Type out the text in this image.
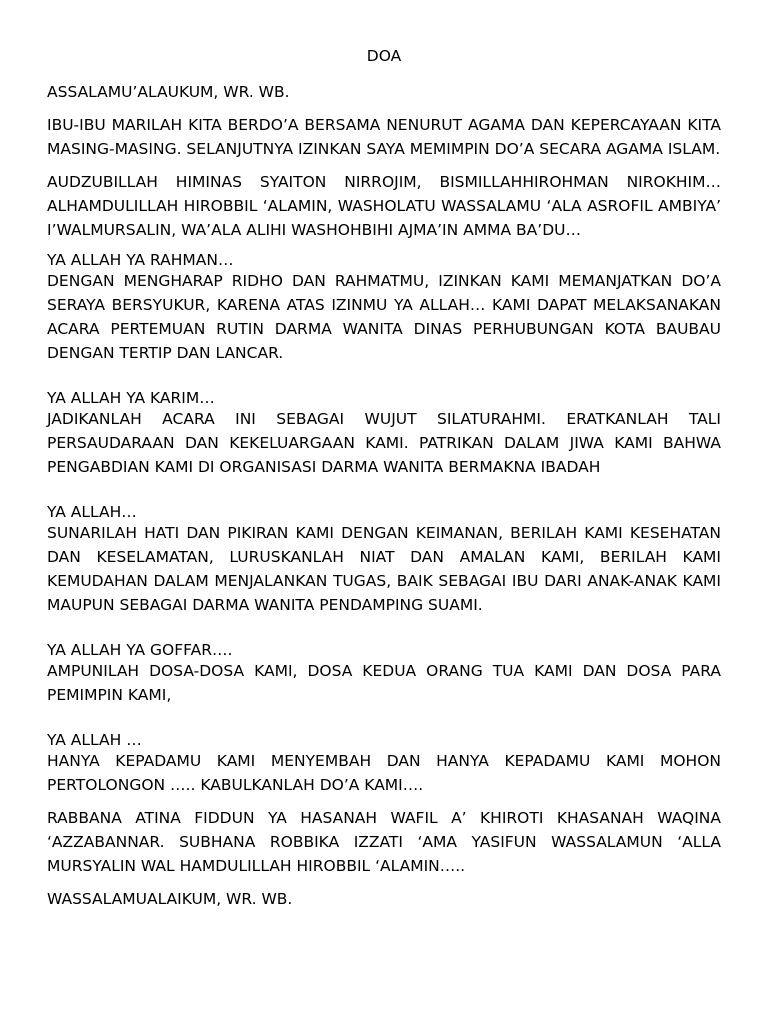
DOA

ASSALAMU’ALAUKUM, WR. WB.

IBU-IBU MARILAH KITA BERDO’A BERSAMA NENURUT AGAMA DAN KEPERCAYAAN KITA MASING-MASING. SELANJUTNYA IZINKAN SAYA MEMIMPIN DO’A SECARA AGAMA ISLAM.

AUDZUBILLAH HIMINAS SYAITON NIRROJIM, BISMILLAHHIROHMAN NIROKHIM… ALHAMDULILLAH HIROBBIL ‘ALAMIN, WASHOLATU WASSALAMU ‘ALA ASROFIL AMBIYA’ I’WALMURSALIN, WA’ALA ALIHI WASHOHBIHI AJMA’IN AMMA BA’DU…

YA ALLAH YA RAHMAN…

DENGAN MENGHARAP RIDHO DAN RAHMATMU, IZINKAN KAMI MEMANJATKAN DO’A SERAYA BERSYUKUR, KARENA ATAS IZINMU YA ALLAH… KAMI DAPAT MELAKSANAKAN ACARA PERTEMUAN RUTIN DARMA WANITA DINAS PERHUBUNGAN KOTA BAUBAU DENGAN TERTIP DAN LANCAR.

YA ALLAH YA KARIM…

JADIKANLAH ACARA INI SEBAGAI WUJUT SILATURAHMI. ERATKANLAH TALI PERSAUDARAAN DAN KEKELUARGAAN KAMI. PATRIKAN DALAM JIWA KAMI BAHWA PENGABDIAN KAMI DI ORGANISASI DARMA WANITA BERMAKNA IBADAH

YA ALLAH…

SUNARILAH HATI DAN PIKIRAN KAMI DENGAN KEIMANAN, BERILAH KAMI KESEHATAN DAN KESELAMATAN, LURUSKANLAH NIAT DAN AMALAN KAMI, BERILAH KAMI KEMUDAHAN DALAM MENJALANKAN TUGAS, BAIK SEBAGAI IBU DARI ANAK-ANAK KAMI MAUPUN SEBAGAI DARMA WANITA PENDAMPING SUAMI.

YA ALLAH YA GOFFAR….

AMPUNILAH DOSA-DOSA KAMI, DOSA KEDUA ORANG TUA KAMI DAN DOSA PARA PEMIMPIN KAMI,

YA ALLAH …

HANYA KEPADAMU KAMI MENYEMBAH DAN HANYA KEPADAMU KAMI MOHON PERTOLONGON ….. KABULKANLAH DO’A KAMI….

RABBANA ATINA FIDDUN YA HASANAH WAFIL A’ KHIROTI KHASANAH WAQINA ‘AZZABANNAR. SUBHANA ROBBIKA IZZATI ‘AMA YASIFUN WASSALAMUN ‘ALLA MURSYALIN WAL HAMDULILLAH HIROBBIL ‘ALAMIN…..

WASSALAMUALAIKUM, WR. WB.
